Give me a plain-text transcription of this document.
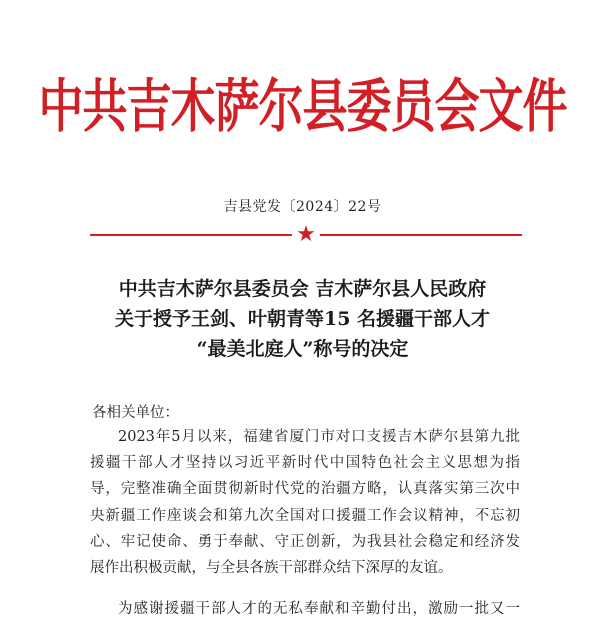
中共吉木萨尔县委员会文件
吉县党发〔2024〕22号
★
中共吉木萨尔县委员会 吉木萨尔县人民政府
关于授予王剑、叶朝青等15 名援疆干部人才
“最美北庭人”称号的决定
各相关单位：
2023年5月以来，福建省厦门市对口支援吉木萨尔县第九批
援疆干部人才坚持以习近平新时代中国特色社会主义思想为指
导，完整准确全面贯彻新时代党的治疆方略，认真落实第三次中
央新疆工作座谈会和第九次全国对口援疆工作会议精神，不忘初
心、牢记使命、勇于奉献、守正创新，为我县社会稳定和经济发
展作出积极贡献，与全县各族干部群众结下深厚的友谊。
为感谢援疆干部人才的无私奉献和辛勤付出，激励一批又一
